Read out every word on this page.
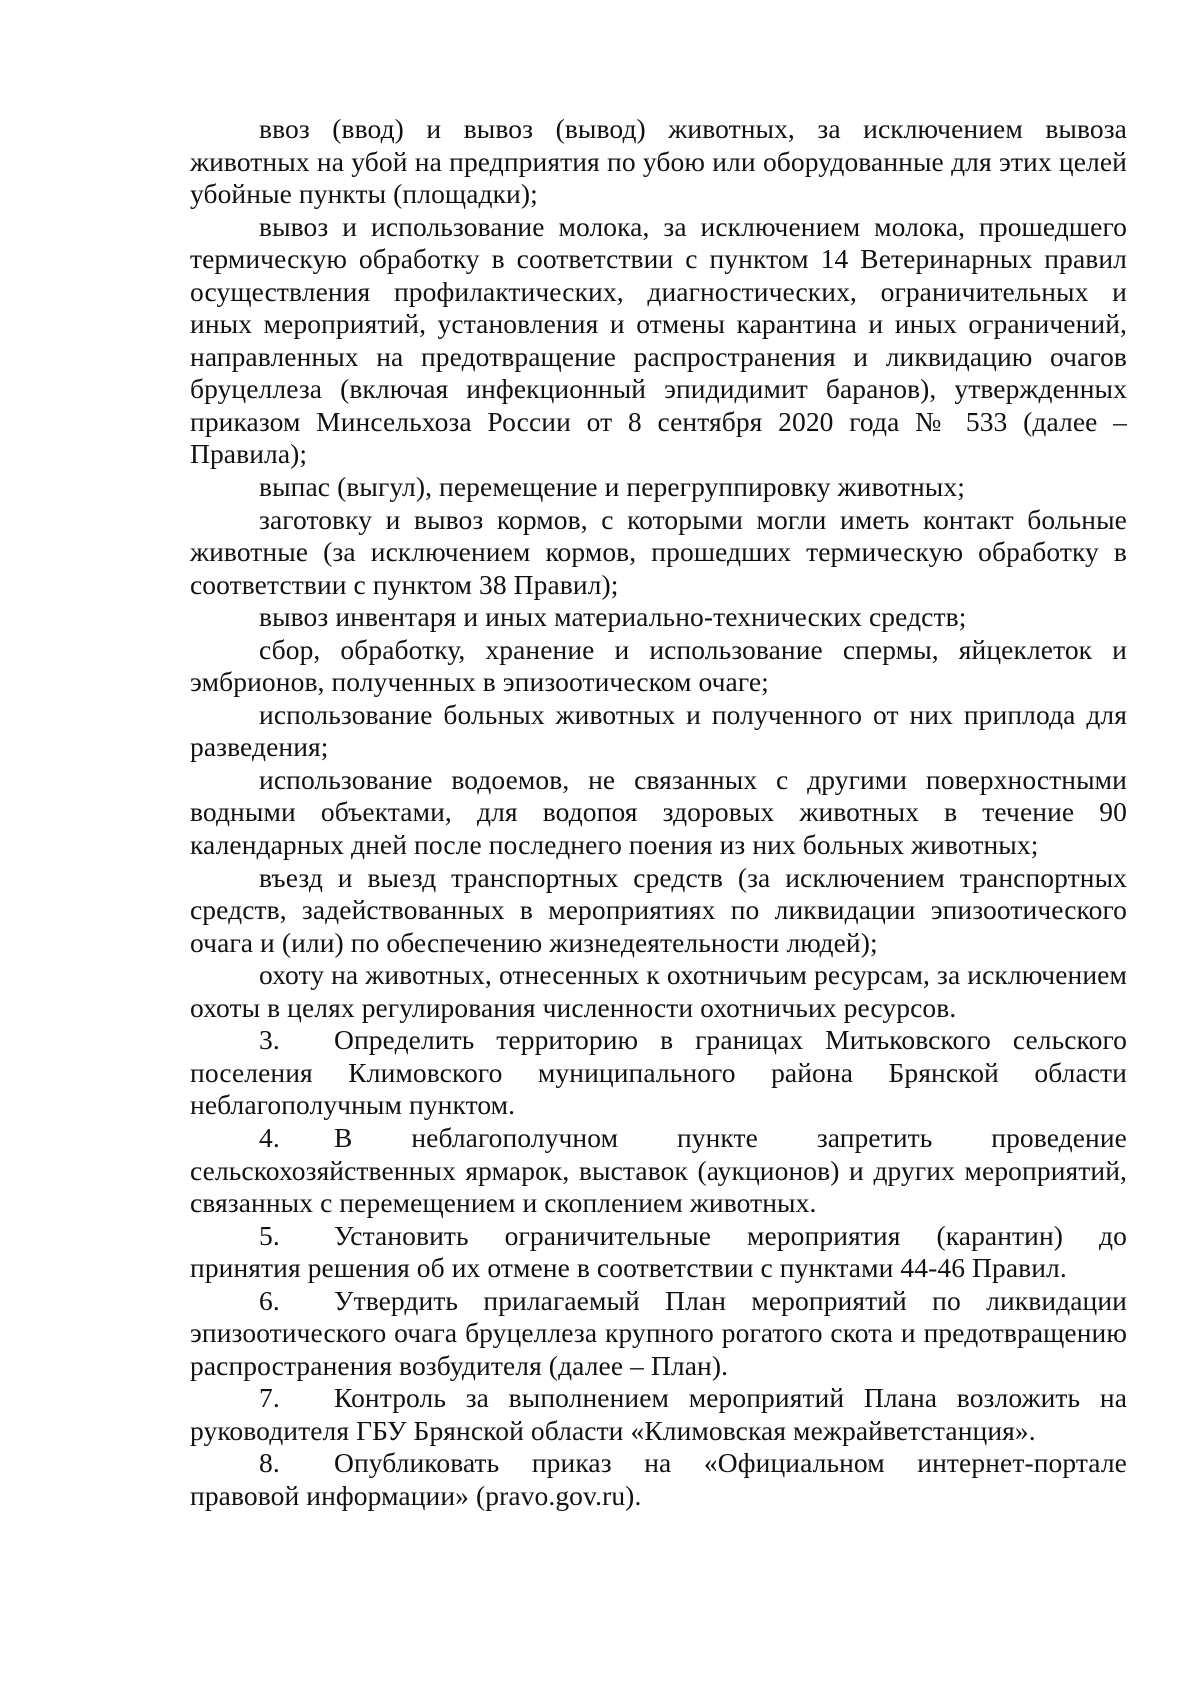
ввоз (ввод) и вывоз (вывод) животных, за исключением вывоза животных на убой на предприятия по убою или оборудованные для этих целей убойные пункты (площадки);

вывоз и использование молока, за исключением молока, прошедшего термическую обработку в соответствии с пунктом 14 Ветеринарных правил осуществления профилактических, диагностических, ограничительных и иных мероприятий, установления и отмены карантина и иных ограничений, направленных на предотвращение распространения и ликвидацию очагов бруцеллеза (включая инфекционный эпидидимит баранов), утвержденных приказом Минсельхоза России от 8 сентября 2020 года № 533 (далее – Правила);

выпас (выгул), перемещение и перегруппировку животных;

заготовку и вывоз кормов, с которыми могли иметь контакт больные животные (за исключением кормов, прошедших термическую обработку в соответствии с пунктом 38 Правил);

вывоз инвентаря и иных материально-технических средств;

сбор, обработку, хранение и использование спермы, яйцеклеток и эмбрионов, полученных в эпизоотическом очаге;

использование больных животных и полученного от них приплода для разведения;

использование водоемов, не связанных с другими поверхностными водными объектами, для водопоя здоровых животных в течение 90 календарных дней после последнего поения из них больных животных;

въезд и выезд транспортных средств (за исключением транспортных средств, задействованных в мероприятиях по ликвидации эпизоотического очага и (или) по обеспечению жизнедеятельности людей);

охоту на животных, отнесенных к охотничьим ресурсам, за исключением охоты в целях регулирования численности охотничьих ресурсов.

3. Определить территорию в границах Митьковского сельского поселения Климовского муниципального района Брянской области неблагополучным пунктом.

4. В неблагополучном пункте запретить проведение сельскохозяйственных ярмарок, выставок (аукционов) и других мероприятий, связанных с перемещением и скоплением животных.

5. Установить ограничительные мероприятия (карантин) до принятия решения об их отмене в соответствии с пунктами 44-46 Правил.

6. Утвердить прилагаемый План мероприятий по ликвидации эпизоотического очага бруцеллеза крупного рогатого скота и предотвращению распространения возбудителя (далее – План).

7. Контроль за выполнением мероприятий Плана возложить на руководителя ГБУ Брянской области «Климовская межрайветстанция».

8. Опубликовать приказ на «Официальном интернет-портале правовой информации» (pravo.gov.ru).
